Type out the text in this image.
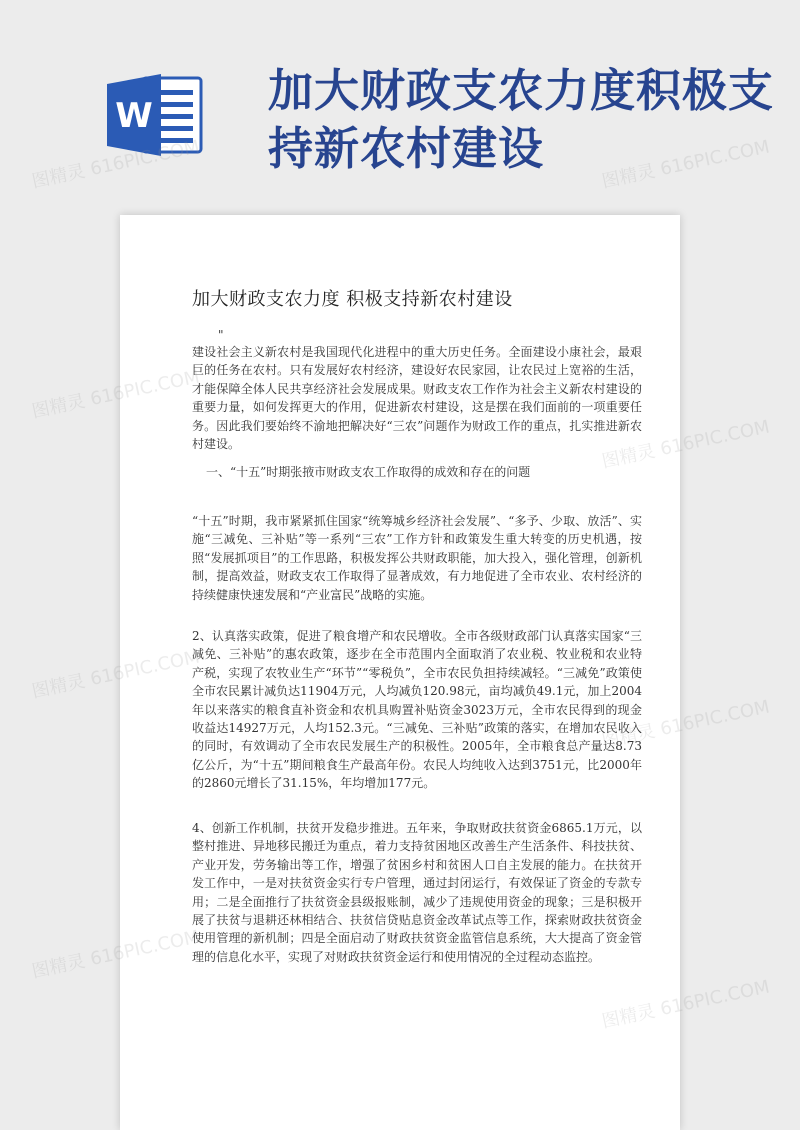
W	加大财政支农力度积极支持新农村建设
加大财政支农力度 积极支持新农村建设
"

建设社会主义新农村是我国现代化进程中的重大历史任务。全面建设小康社会，最艰巨的任务在农村。只有发展好农村经济，建设好农民家园，让农民过上宽裕的生活，才能保障全体人民共享经济社会发展成果。财政支农工作作为社会主义新农村建设的重要力量，如何发挥更大的作用，促进新农村建设，这是摆在我们面前的一项重要任务。因此我们要始终不渝地把解决好“三农”问题作为财政工作的重点，扎实推进新农村建设。

一、“十五”时期张掖市财政支农工作取得的成效和存在的问题

“十五”时期，我市紧紧抓住国家“统筹城乡经济社会发展”、“多予、少取、放活”、实施“三减免、三补贴”等一系列“三农”工作方针和政策发生重大转变的历史机遇，按照“发展抓项目”的工作思路，积极发挥公共财政职能，加大投入，强化管理，创新机制，提高效益，财政支农工作取得了显著成效，有力地促进了全市农业、农村经济的持续健康快速发展和“产业富民”战略的实施。

2、认真落实政策，促进了粮食增产和农民增收。全市各级财政部门认真落实国家“三减免、三补贴”的惠农政策，逐步在全市范围内全面取消了农业税、牧业税和农业特产税，实现了农牧业生产“环节”“零税负”，全市农民负担持续减轻。“三减免”政策使全市农民累计减负达11904万元，人均减负120.98元，亩均减负49.1元，加上2004年以来落实的粮食直补资金和农机具购置补贴资金3023万元，全市农民得到的现金收益达14927万元，人均152.3元。“三减免、三补贴”政策的落实，在增加农民收入的同时，有效调动了全市农民发展生产的积极性。2005年，全市粮食总产量达8.73亿公斤，为“十五”期间粮食生产最高年份。农民人均纯收入达到3751元，比2000年的2860元增长了31.15%，年均增加177元。

4、创新工作机制，扶贫开发稳步推进。五年来，争取财政扶贫资金6865.1万元，以整村推进、异地移民搬迁为重点，着力支持贫困地区改善生产生活条件、科技扶贫、产业开发，劳务输出等工作，增强了贫困乡村和贫困人口自主发展的能力。在扶贫开发工作中，一是对扶贫资金实行专户管理，通过封闭运行，有效保证了资金的专款专用；二是全面推行了扶贫资金县级报账制，减少了违规使用资金的现象；三是积极开展了扶贫与退耕还林相结合、扶贫信贷贴息资金改革试点等工作，探索财政扶贫资金使用管理的新机制；四是全面启动了财政扶贫资金监管信息系统，大大提高了资金管理的信息化水平，实现了对财政扶贫资金运行和使用情况的全过程动态监控。

图精灵 616PIC.COM
图精灵 616PIC.COM
图精灵 616PIC.COM
图精灵 616PIC.COM
图精灵 616PIC.COM
图精灵 616PIC.COM
